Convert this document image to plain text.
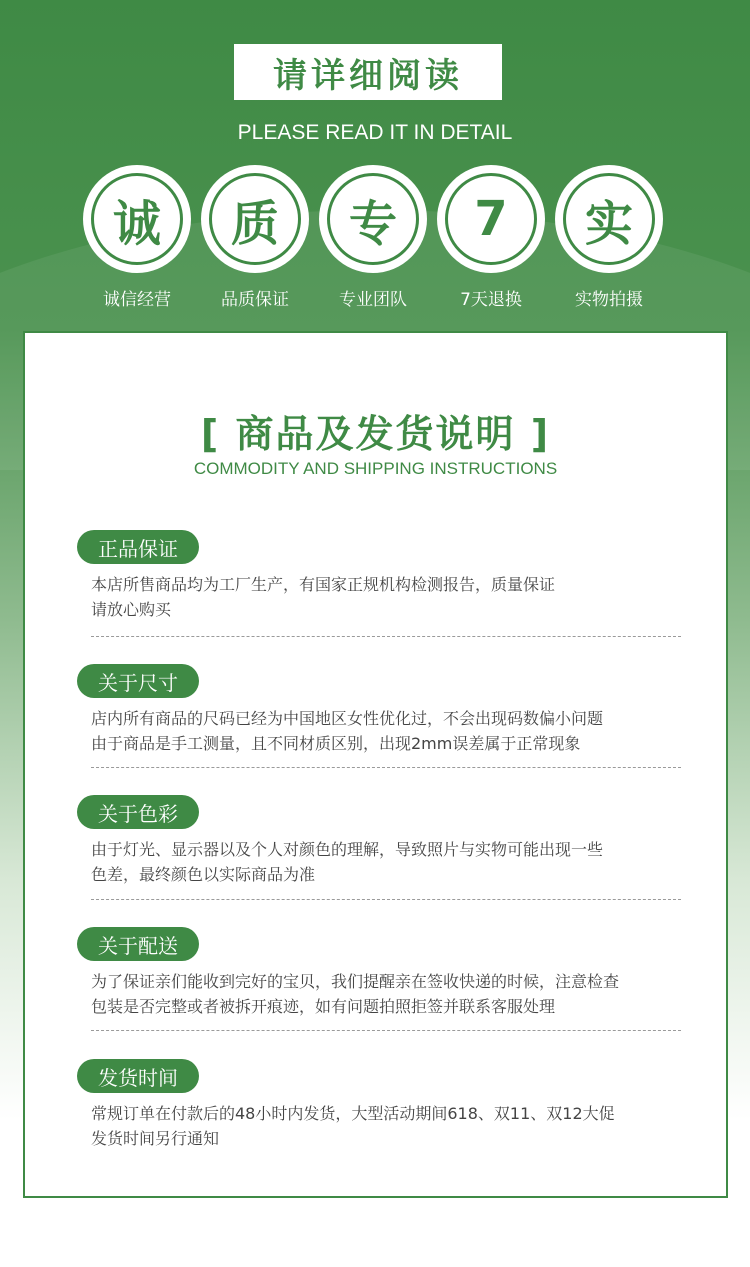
请详细阅读
PLEASE READ IT IN DETAIL
诚
诚信经营
质
品质保证
专
专业团队
7
7天退换
实
实物拍摄
[ 商品及发货说明 ]
COMMODITY AND SHIPPING INSTRUCTIONS
正品保证

本店所售商品均为工厂生产，有国家正规机构检测报告，质量保证

请放心购买

关于尺寸

店内所有商品的尺码已经为中国地区女性优化过，不会出现码数偏小问题

由于商品是手工测量，且不同材质区别，出现2mm误差属于正常现象

关于色彩

由于灯光、显示器以及个人对颜色的理解，导致照片与实物可能出现一些

色差，最终颜色以实际商品为准

关于配送

为了保证亲们能收到完好的宝贝，我们提醒亲在签收快递的时候，注意检查

包装是否完整或者被拆开痕迹，如有问题拍照拒签并联系客服处理

发货时间

常规订单在付款后的48小时内发货，大型活动期间618、双11、双12大促

发货时间另行通知
